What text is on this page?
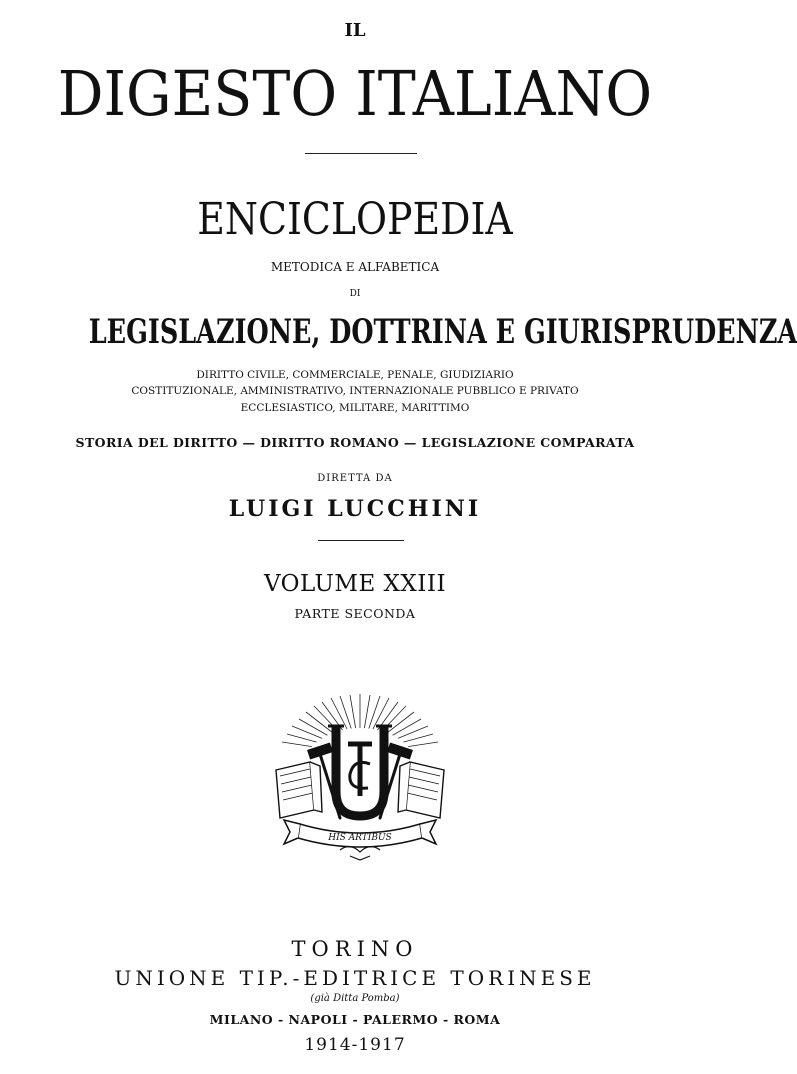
IL
DIGESTO ITALIANO
ENCICLOPEDIA
METODICA E ALFABETICA
DI
LEGISLAZIONE, DOTTRINA E GIURISPRUDENZA
DIRITTO CIVILE, COMMERCIALE, PENALE, GIUDIZIARIO
COSTITUZIONALE, AMMINISTRATIVO, INTERNAZIONALE PUBBLICO E PRIVATO
ECCLESIASTICO, MILITARE, MARITTIMO
STORIA DEL DIRITTO — DIRITTO ROMANO — LEGISLAZIONE COMPARATA
DIRETTA DA
LUIGI LUCCHINI
VOLUME XXIII
PARTE SECONDA
HIS ARTIBUS
TORINO
UNIONE TIP.-EDITRICE TORINESE
(già Ditta Pomba)
MILANO - NAPOLI - PALERMO - ROMA
1914-1917
